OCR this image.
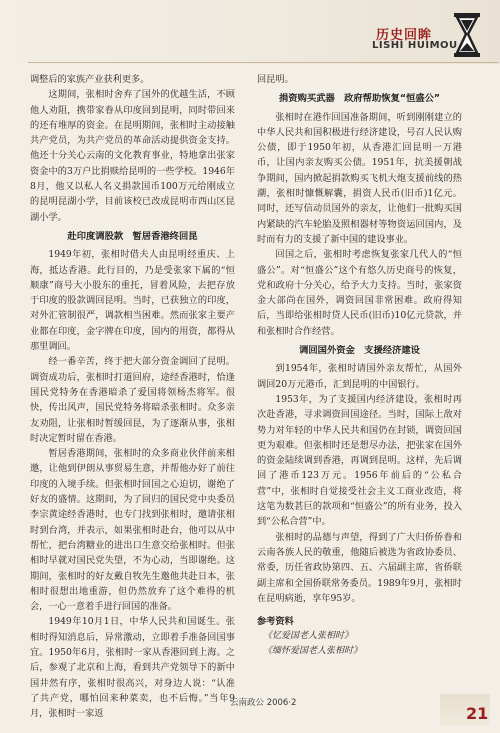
历史回眸
LISHI HUIMOU

调整后的家族产业获利更多。

这期间，张相时舍弃了国外的优越生活，不顾他人劝阻，携带家眷从印度回到昆明，同时带回来的还有堆厚的资金。在昆明期间，张相时主动接触共产党员，为共产党员的革命活动提供资金支持。他还十分关心云南的文化教育事业，特地拿出张家资金中的3万户比捐赎给昆明的一些学校。1946年8月，他又以私人名义捐款国币100万元给刚成立的昆明昆湖小学，目前该校已改成昆明市西山区昆湖小学。

赴印度调股款　暂居香港终回昆

1949年初，张相时借夫人由昆明经重庆、上海，抵达香港。此行目的，乃是受张家下属的“恒顺康”商号大小股东的重托，冒着风险，去把存放于印度的股款调回昆明。当时，已获独立的印度，对外汇管制很严，调款相当困难。然而张家主要产业都在印度，金字牌在印度，国内的用资，都得从那里调回。

经一番辛苦，终于把大部分资金调回了昆明。调资成功后，张相时打道回府，途经香港时，恰逢国民党特务在香港暗杀了爱国将领杨杰将军。很快，传出风声，国民党特务将暗杀张相时。众多亲友劝阻，让张相时暂缓回昆，为了逐渐从事，张相时决定暂时留在香港。

暂居香港期间，张相时的众多商业伙伴前来相邀，让他到伊朗从事贸易生意，并帮他办好了前往印度的入境手续。但张相时回国之心迫切，谢绝了好友的盛情。这期间，为了回归的国民党中央委员李宗黄途经香港时，也专门找到张相时，邀请张相时到台湾，并表示，如果张相时赴台，他可以从中帮忙，把台湾糖业的进出口生意交给张相时。但张相时早就对国民党失望，不为心动，当即谢绝。这期间，张相时的好友戴自牧先生邀他共赴日本，张相时很想出地重游，但仍然放弃了这个难得的机会，一心一意着手进行回国的准备。

1949年10月1日，中华人民共和国诞生。张相时得知消息后，异常激动，立即着手准备回国事宜。1950年6月，张相时一家从香港回到上海。之后，参观了北京和上海，看到共产党领导下的新中国井然有序，张相时很高兴，对身边人说：“认准了共产党，哪怕回来种菜卖，也不后悔。”当年9月，张相时一家返

回昆明。

捐资购买武器　政府帮助恢复“恒盛公”

张相时在港作回国准备期间，听到刚刚建立的中华人民共和国积极进行经济建设，号召人民认购公债，即于1950年初，从香港汇回昆明一万港币，让国内亲友购买公债。1951年，抗美援朝战争期间，国内掀起捐款购买飞机大炮支援前线的热潮，张相时慷慨解囊，捐资人民币(旧币)1亿元。同时，还写信动员国外的亲友，让他们一批购买国内紧缺的汽车轮胎及照相器材等物资运回国内，及时而有力的支援了新中国的建设事业。

回国之后，张相时考虑恢复张家几代人的“恒盛公”。对“恒盛公”这个有悠久历史商号的恢复，党和政府十分关心，给予大力支持。当时，张家资金大部尚在国外，调资回国非常困难。政府得知后，当即给张相时贷人民币(旧币)10亿元贷款，并和张相时合作经营。

调回国外资金　支援经济建设

到1954年，张相时请国外亲友帮忙，从国外调回20万元港币，汇到昆明的中国银行。

1953年，为了支援国内经济建设，张相时再次赴香港，寻求调资回国途径。当时，国际上敌对势力对年轻的中华人民共和国仍在封锁，调资回国更为艰难。但张相时还是想尽办法，把张家在国外的资金陆续调到香港，再调到昆明。这样，先后调回了港币123万元。1956年前后的“公私合营”中，张相时自觉接受社会主义工商业改造，将这笔为数甚巨的款项和“恒盛公”的所有业务，投入到“公私合营”中。

张相时的品德与声望，得到了广大归侨侨眷和云南各族人民的敬重，他随后被选为省政协委员、常委，历任省政协第四、五、六届副主席，省侨联副主席和全国侨联常务委员。1989年9月，张相时在昆明病逝，享年95岁。

参考资料
《忆爱国老人张相时》
《缅怀爱国老人张相时》
云南政公 2006·2
21
